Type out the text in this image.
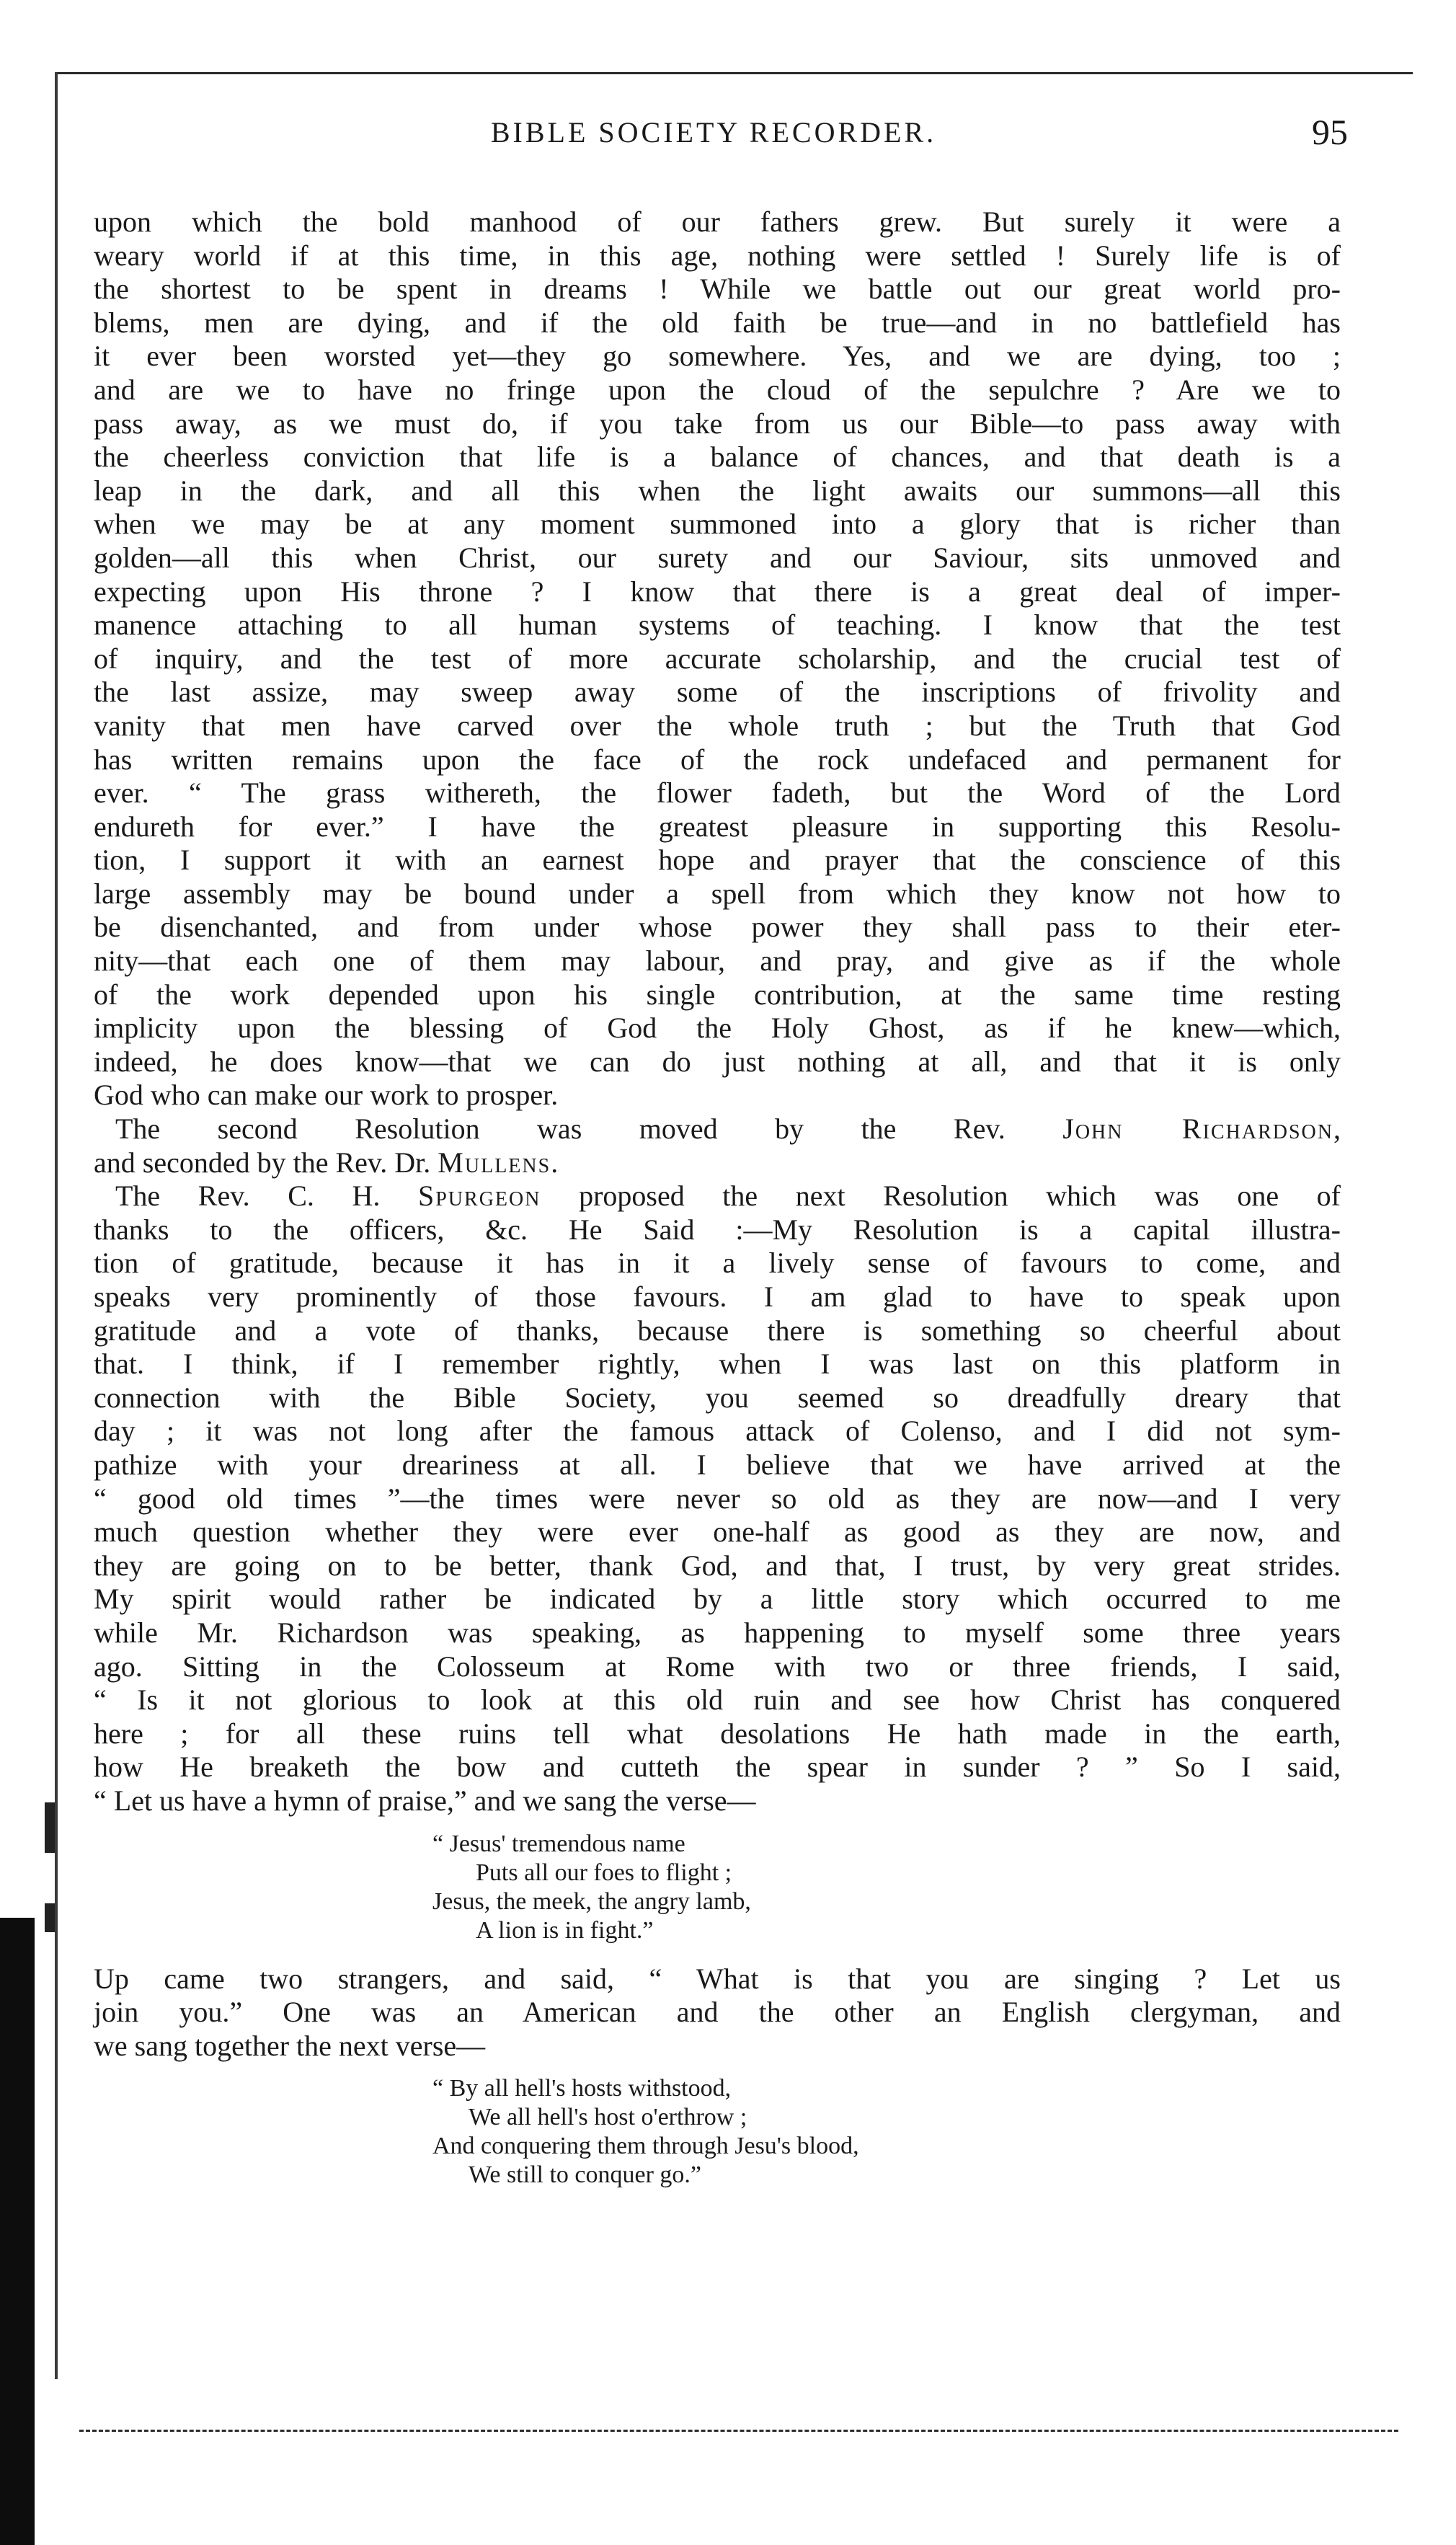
BIBLE SOCIETY RECORDER.	95
upon which the bold manhood of our fathers grew. But surely it were a
weary world if at this time, in this age, nothing were settled ! Surely life is of
the shortest to be spent in dreams ! While we battle out our great world pro-
blems, men are dying, and if the old faith be true—and in no battlefield has
it ever been worsted yet—they go somewhere. Yes, and we are dying, too ;
and are we to have no fringe upon the cloud of the sepulchre ? Are we to
pass away, as we must do, if you take from us our Bible—to pass away with
the cheerless conviction that life is a balance of chances, and that death is a
leap in the dark, and all this when the light awaits our summons—all this
when we may be at any moment summoned into a glory that is richer than
golden—all this when Christ, our surety and our Saviour, sits unmoved and
expecting upon His throne ? I know that there is a great deal of imper-
manence attaching to all human systems of teaching. I know that the test
of inquiry, and the test of more accurate scholarship, and the crucial test of
the last assize, may sweep away some of the inscriptions of frivolity and
vanity that men have carved over the whole truth ; but the Truth that God
has written remains upon the face of the rock undefaced and permanent for
ever. “ The grass withereth, the flower fadeth, but the Word of the Lord
endureth for ever.” I have the greatest pleasure in supporting this Resolu-
tion, I support it with an earnest hope and prayer that the conscience of this
large assembly may be bound under a spell from which they know not how to
be disenchanted, and from under whose power they shall pass to their eter-
nity—that each one of them may labour, and pray, and give as if the whole
of the work depended upon his single contribution, at the same time resting
implicity upon the blessing of God the Holy Ghost, as if he knew—which,
indeed, he does know—that we can do just nothing at all, and that it is only
God who can make our work to prosper.
The second Resolution was moved by the Rev. John Richardson,
and seconded by the Rev. Dr. Mullens.
The Rev. C. H. Spurgeon proposed the next Resolution which was one of
thanks to the officers, &c. He Said :—My Resolution is a capital illustra-
tion of gratitude, because it has in it a lively sense of favours to come, and
speaks very prominently of those favours. I am glad to have to speak upon
gratitude and a vote of thanks, because there is something so cheerful about
that. I think, if I remember rightly, when I was last on this platform in
connection with the Bible Society, you seemed so dreadfully dreary that
day ; it was not long after the famous attack of Colenso, and I did not sym-
pathize with your dreariness at all. I believe that we have arrived at the
“ good old times ”—the times were never so old as they are now—and I very
much question whether they were ever one-half as good as they are now, and
they are going on to be better, thank God, and that, I trust, by very great strides.
My spirit would rather be indicated by a little story which occurred to me
while Mr. Richardson was speaking, as happening to myself some three years
ago. Sitting in the Colosseum at Rome with two or three friends, I said,
“ Is it not glorious to look at this old ruin and see how Christ has conquered
here ; for all these ruins tell what desolations He hath made in the earth,
how He breaketh the bow and cutteth the spear in sunder ? ” So I said,
“ Let us have a hymn of praise,” and we sang the verse—
“ Jesus' tremendous name
Puts all our foes to flight ;
Jesus, the meek, the angry lamb,
A lion is in fight.”
Up came two strangers, and said, “ What is that you are singing ? Let us
join you.” One was an American and the other an English clergyman, and
we sang together the next verse—
“ By all hell's hosts withstood,
We all hell's host o'erthrow ;
And conquering them through Jesu's blood,
We still to conquer go.”
